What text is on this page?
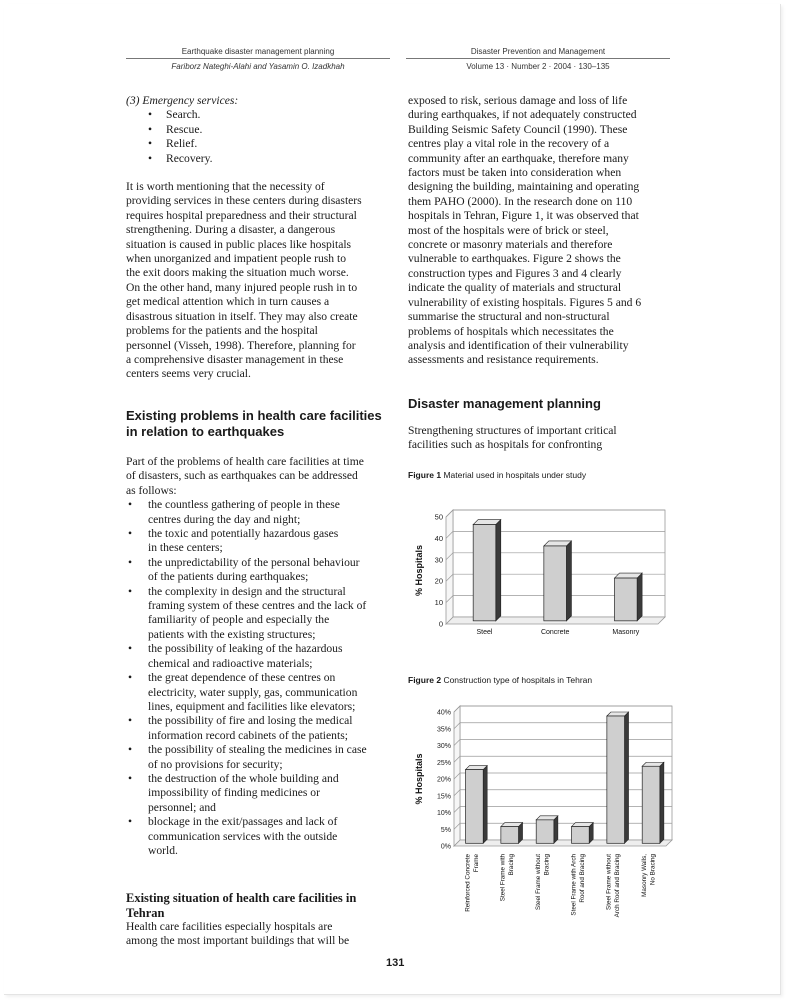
Earthquake disaster management planning
Fariborz Nateghi-Alahi and Yasamin O. Izadkhah
Disaster Prevention and Management
Volume 13 · Number 2 · 2004 · 130–135

(3) Emergency services:

• Search.
• Rescue.
• Relief.
• Recovery.
It is worth mentioning that the necessity of
providing services in these centers during disasters
requires hospital preparedness and their structural
strengthening. During a disaster, a dangerous
situation is caused in public places like hospitals
when unorganized and impatient people rush to
the exit doors making the situation much worse.
On the other hand, many injured people rush in to
get medical attention which in turn causes a
disastrous situation in itself. They may also create
problems for the patients and the hospital
personnel (Visseh, 1998). Therefore, planning for
a comprehensive disaster management in these
centers seems very crucial.
Existing problems in health care facilities
in relation to earthquakes
Part of the problems of health care facilities at time
of disasters, such as earthquakes can be addressed
as follows:
• the countless gathering of people in these
centres during the day and night;
• the toxic and potentially hazardous gases
in these centers;
• the unpredictability of the personal behaviour
of the patients during earthquakes;
• the complexity in design and the structural
framing system of these centres and the lack of
familiarity of people and especially the
patients with the existing structures;
• the possibility of leaking of the hazardous
chemical and radioactive materials;
• the great dependence of these centres on
electricity, water supply, gas, communication
lines, equipment and facilities like elevators;
• the possibility of fire and losing the medical
information record cabinets of the patients;
• the possibility of stealing the medicines in case
of no provisions for security;
• the destruction of the whole building and
impossibility of finding medicines or
personnel; and
• blockage in the exit/passages and lack of
communication services with the outside
world.
Existing situation of health care facilities in
Tehran
Health care facilities especially hospitals are
among the most important buildings that will be
exposed to risk, serious damage and loss of life
during earthquakes, if not adequately constructed
Building Seismic Safety Council (1990). These
centres play a vital role in the recovery of a
community after an earthquake, therefore many
factors must be taken into consideration when
designing the building, maintaining and operating
them PAHO (2000). In the research done on 110
hospitals in Tehran, Figure 1, it was observed that
most of the hospitals were of brick or steel,
concrete or masonry materials and therefore
vulnerable to earthquakes. Figure 2 shows the
construction types and Figures 3 and 4 clearly
indicate the quality of materials and structural
vulnerability of existing hospitals. Figures 5 and 6
summarise the structural and non-structural
problems of hospitals which necessitates the
analysis and identification of their vulnerability
assessments and resistance requirements.
Disaster management planning
Strengthening structures of important critical
facilities such as hospitals for confronting
Figure 1 Material used in hospitals under study
0
10
20
30
40
50
% Hospitals
Steel	Concrete	Masonry
Figure 2 Construction type of hospitals in Tehran
0%
5%
10%
15%
20%
25%
30%
35%
40%
% Hospitals
Reinforced Concrete Frame	Steel Frame with Bracing	Steel Frame without Bracing	Steel Frame with Arch Roof and Bracing	Steel Frame without Arch Roof and Bracing	Masonry Walls, No Bracing
131
